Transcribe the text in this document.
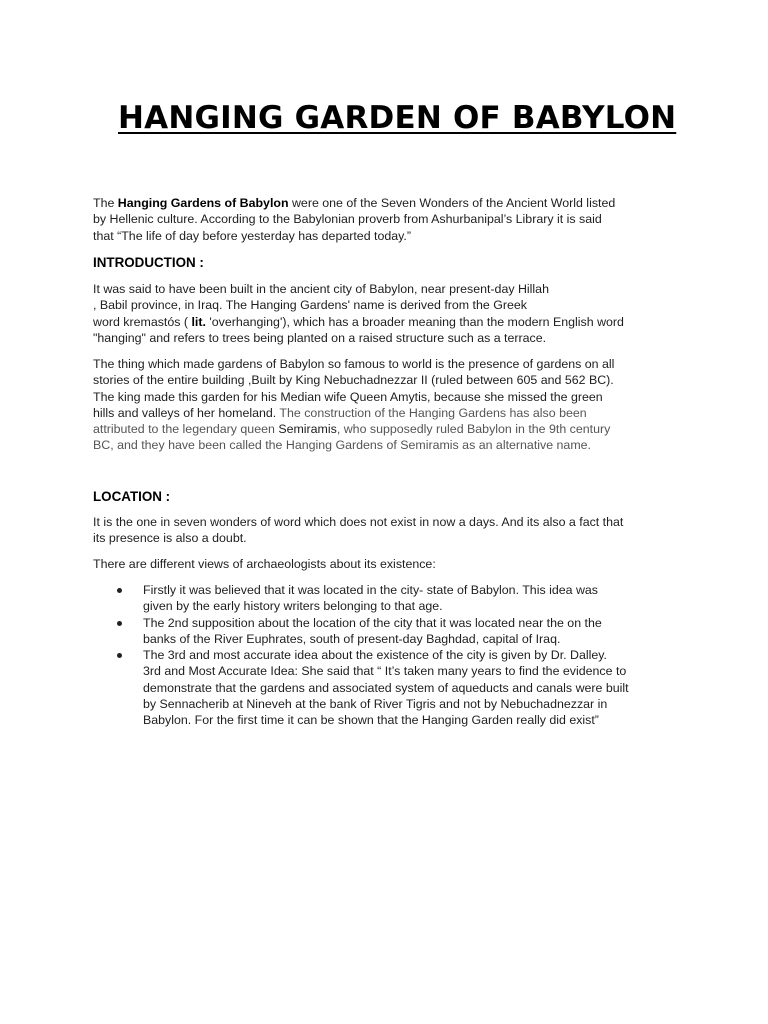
HANGING GARDEN OF BABYLON
The Hanging Gardens of Babylon were one of the Seven Wonders of the Ancient World listed
by Hellenic culture. According to the Babylonian proverb from Ashurbanipal’s Library it is said
that “The life of day before yesterday has departed today.”
INTRODUCTION :
It was said to have been built in the ancient city of Babylon, near present-day Hillah
, Babil province, in Iraq. The Hanging Gardens' name is derived from the Greek
word kremastós ( lit. 'overhanging'), which has a broader meaning than the modern English word
"hanging" and refers to trees being planted on a raised structure such as a terrace.
The thing which made gardens of Babylon so famous to world is the presence of gardens on all
stories of the entire building ,Built by King Nebuchadnezzar II (ruled between 605 and 562 BC).
The king made this garden for his Median wife Queen Amytis, because she missed the green
hills and valleys of her homeland. The construction of the Hanging Gardens has also been
attributed to the legendary queen Semiramis, who supposedly ruled Babylon in the 9th century
BC, and they have been called the Hanging Gardens of Semiramis as an alternative name.
LOCATION :
It is the one in seven wonders of word which does not exist in now a days. And its also a fact that
its presence is also a doubt.
There are different views of archaeologists about its existence:
Firstly it was believed that it was located in the city- state of Babylon. This idea was
given by the early history writers belonging to that age.
The 2nd supposition about the location of the city that it was located near the on the
banks of the River Euphrates, south of present-day Baghdad, capital of Iraq.
The 3rd and most accurate idea about the existence of the city is given by Dr. Dalley.
3rd and Most Accurate Idea: She said that “ It’s taken many years to find the evidence to
demonstrate that the gardens and associated system of aqueducts and canals were built
by Sennacherib at Nineveh at the bank of River Tigris and not by Nebuchadnezzar in
Babylon. For the first time it can be shown that the Hanging Garden really did exist”
